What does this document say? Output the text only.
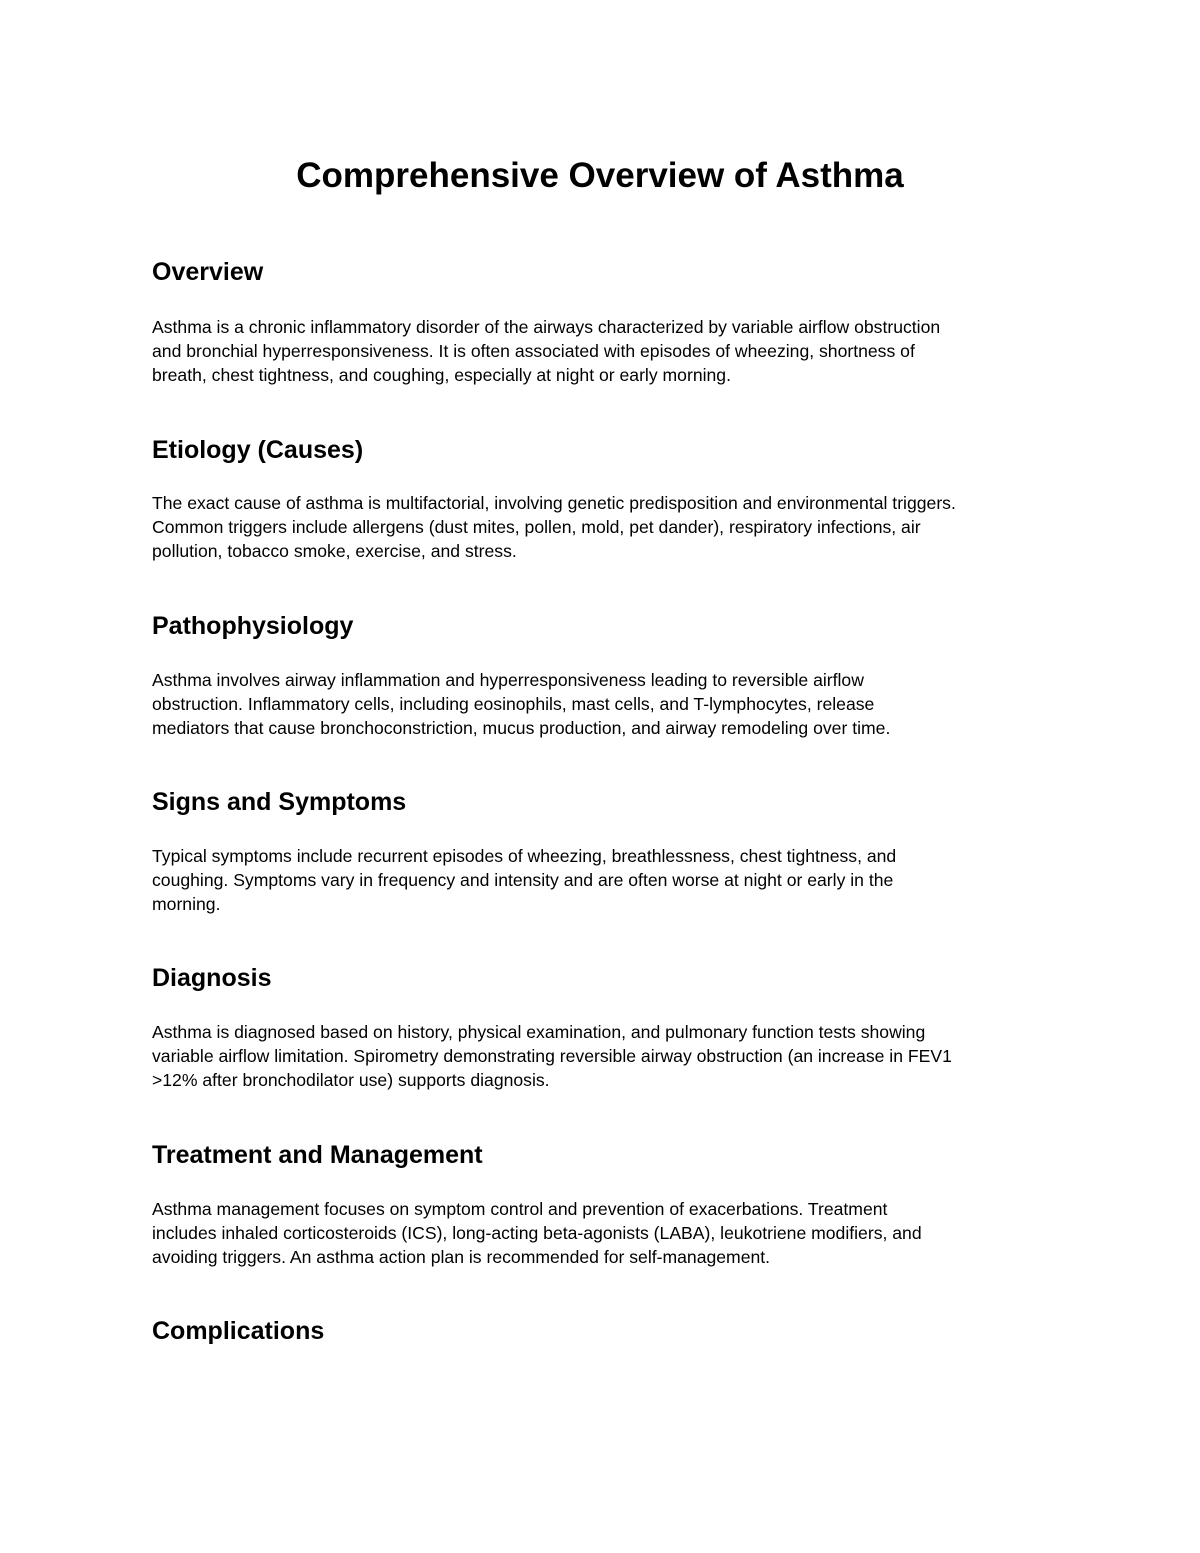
Comprehensive Overview of Asthma
Overview
Asthma is a chronic inflammatory disorder of the airways characterized by variable airflow obstruction
and bronchial hyperresponsiveness. It is often associated with episodes of wheezing, shortness of
breath, chest tightness, and coughing, especially at night or early morning.
Etiology (Causes)
The exact cause of asthma is multifactorial, involving genetic predisposition and environmental triggers.
Common triggers include allergens (dust mites, pollen, mold, pet dander), respiratory infections, air
pollution, tobacco smoke, exercise, and stress.
Pathophysiology
Asthma involves airway inflammation and hyperresponsiveness leading to reversible airflow
obstruction. Inflammatory cells, including eosinophils, mast cells, and T-lymphocytes, release
mediators that cause bronchoconstriction, mucus production, and airway remodeling over time.
Signs and Symptoms
Typical symptoms include recurrent episodes of wheezing, breathlessness, chest tightness, and
coughing. Symptoms vary in frequency and intensity and are often worse at night or early in the
morning.
Diagnosis
Asthma is diagnosed based on history, physical examination, and pulmonary function tests showing
variable airflow limitation. Spirometry demonstrating reversible airway obstruction (an increase in FEV1
>12% after bronchodilator use) supports diagnosis.
Treatment and Management
Asthma management focuses on symptom control and prevention of exacerbations. Treatment
includes inhaled corticosteroids (ICS), long-acting beta-agonists (LABA), leukotriene modifiers, and
avoiding triggers. An asthma action plan is recommended for self-management.
Complications
